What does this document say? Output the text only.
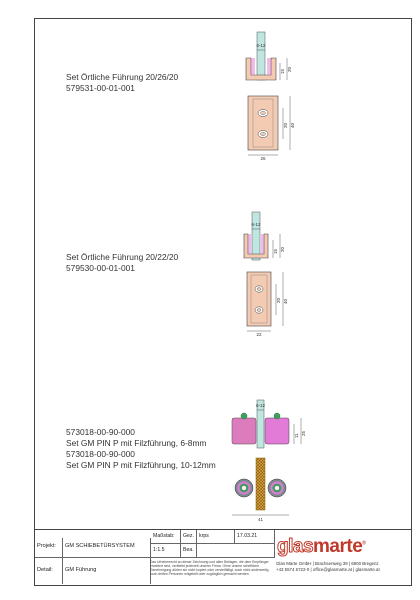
Set Örtliche Führung 20/26/20
579531-00-01-001
Set Örtliche Führung 20/22/20
579530-00-01-001
573018-00-90-000
Set GM PIN P mit Filzführung, 6-8mm
573018-00-90-000
Set GM PIN P mit Filzführung, 10-12mm
6-12
15 20
26
20 40
6-12
15 20
22
20 40
6-12
11 25
41
Projekt:	GM SCHIEBETÜRSYSTEM
Maßstab:	Gez. krps	17.03.21
1:1.5	Bea.
Detail:	GM Führung
Das Urheberrecht an dieser Zeichnung und allen Beilagen, die dem Empfänger erweitert sind, verbleibt jederzeit unserer Firma. Ohne unsere schriftliche Genehmigung dürfen sie nicht kopiert oder vervielfältigt, auch nicht anderweitig noch dritten Personen mitgeteilt oder zugänglich gemacht werden.
glasmarte®
Glas Marte GmbH | Brachsenweg 39 | 6900 Bregenz
+43 5574 6722-0 | office@glasmarte.at | glasmarte.at
